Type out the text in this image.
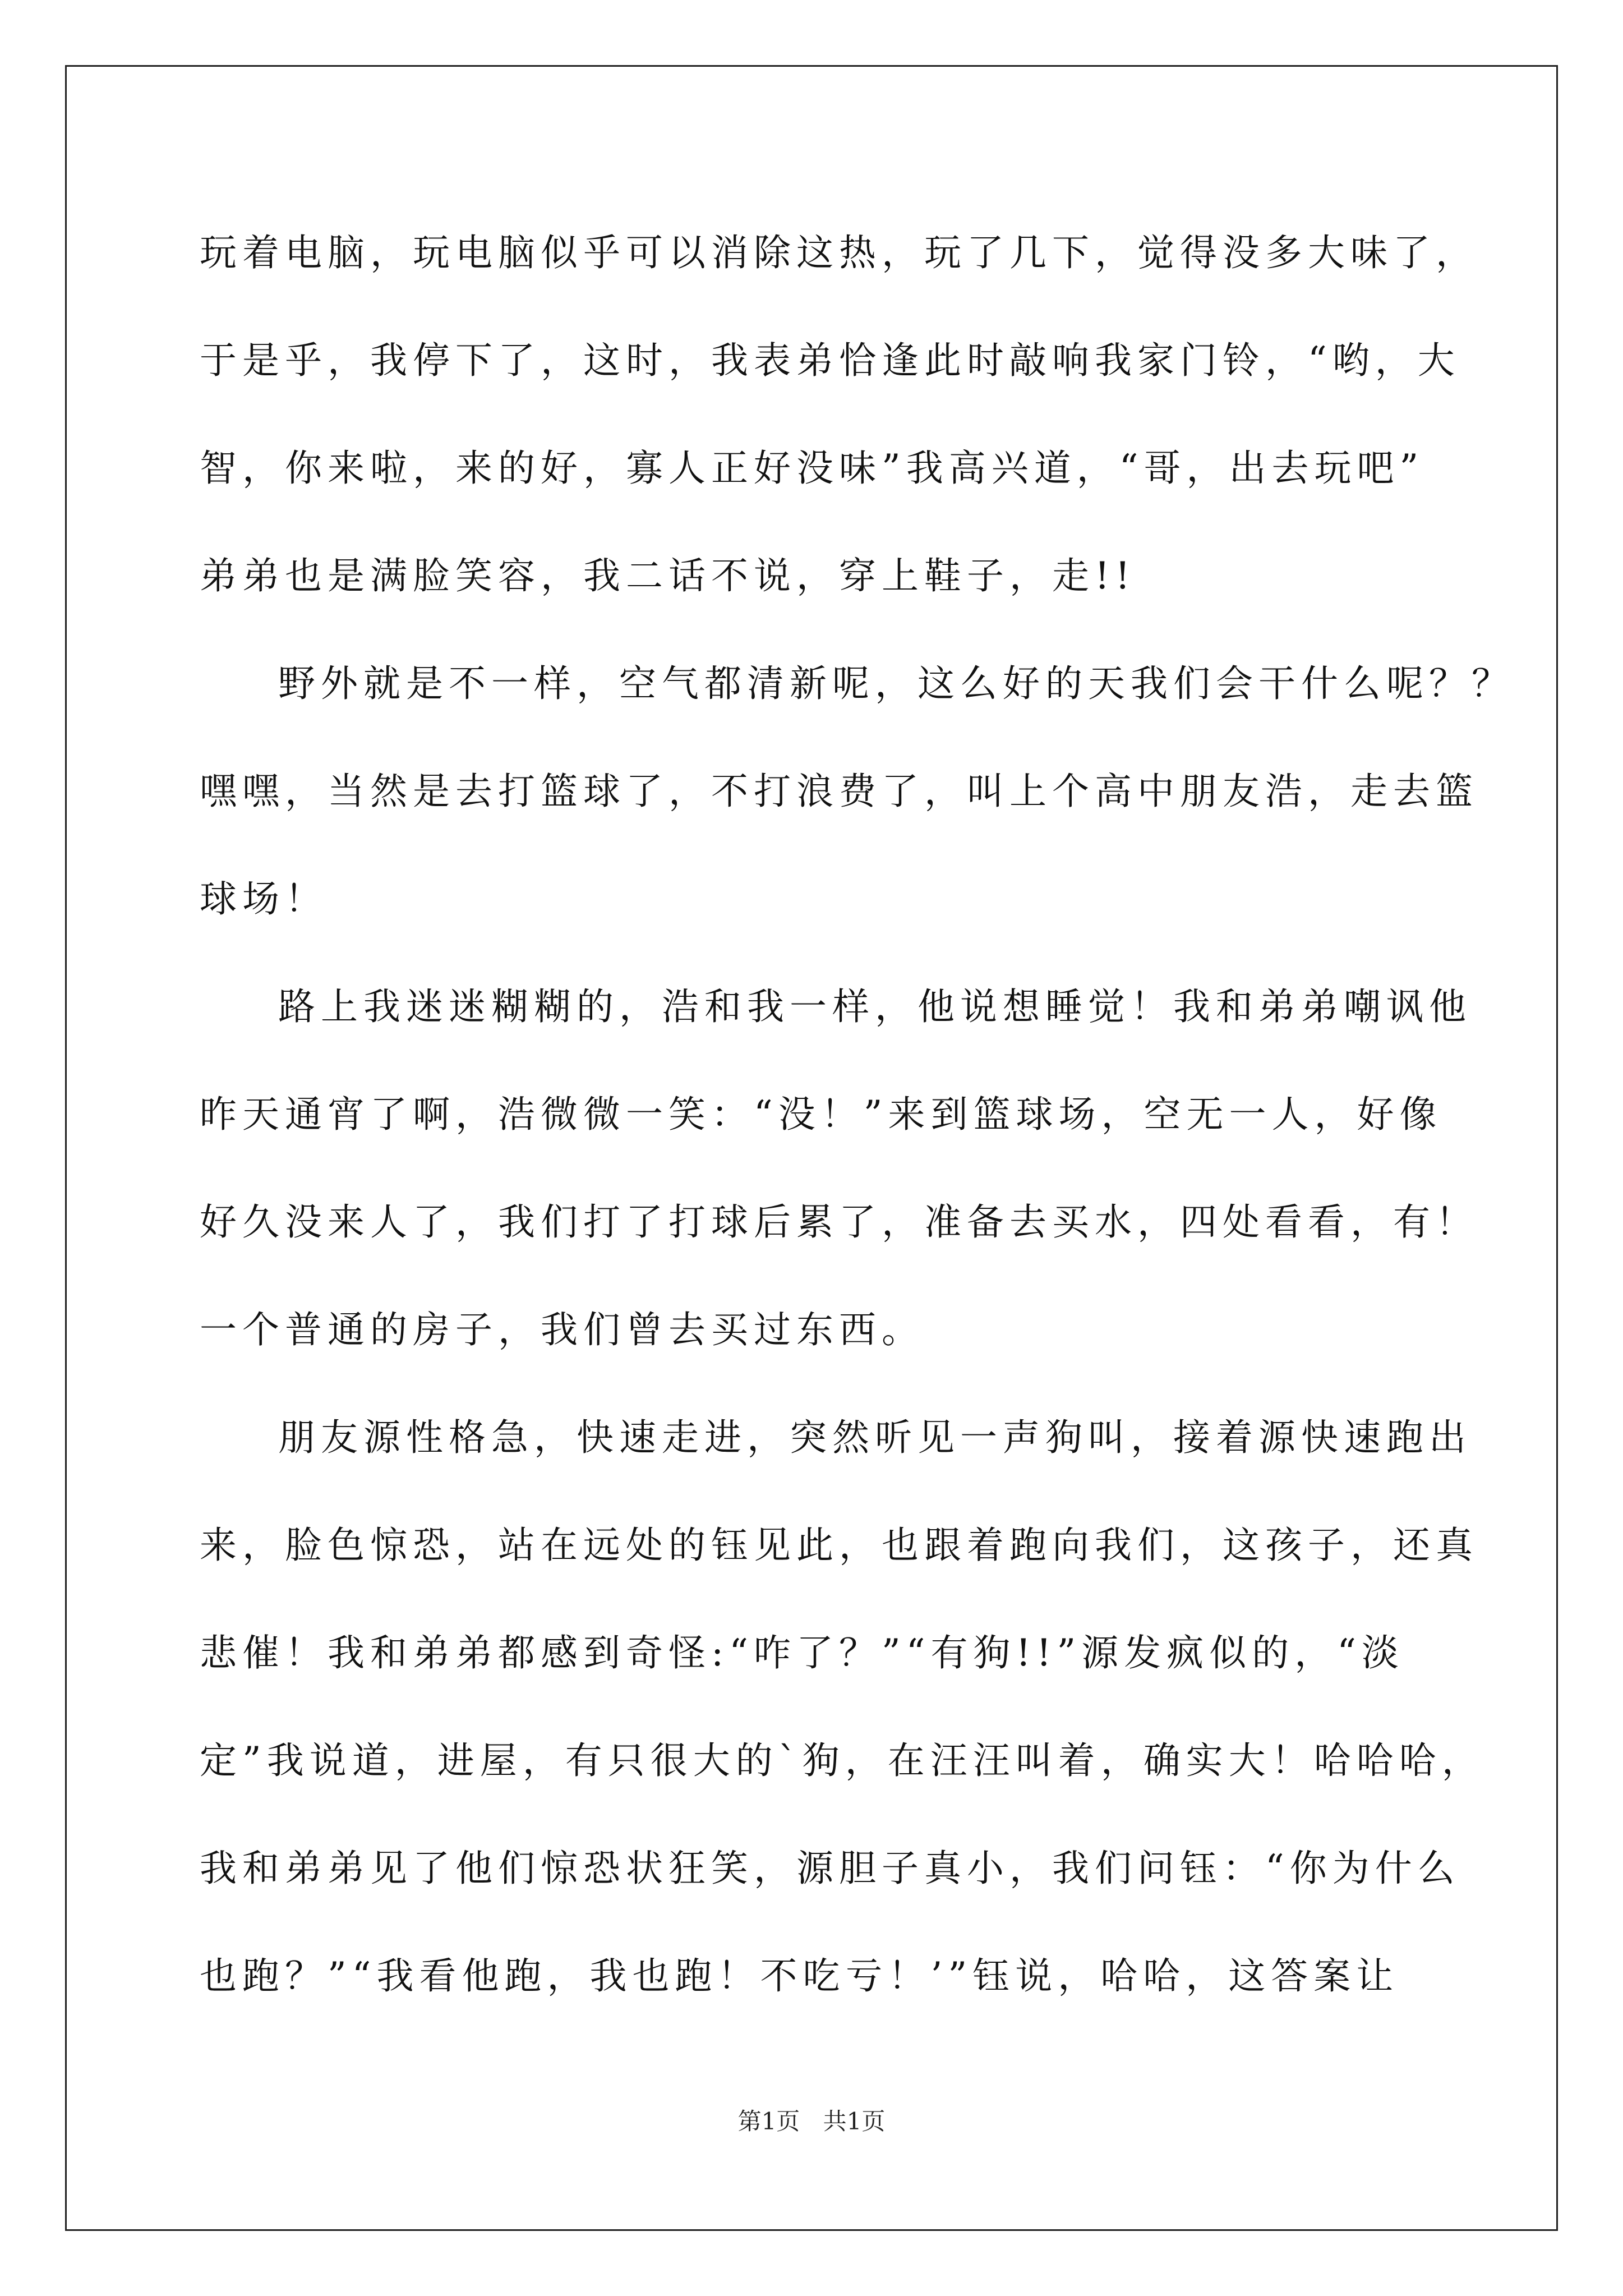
玩着电脑，玩电脑似乎可以消除这热，玩了几下，觉得没多大味了，
于是乎，我停下了，这时，我表弟恰逢此时敲响我家门铃，“哟，大
智，你来啦，来的好，寡人正好没味”我高兴道，“哥，出去玩吧”
弟弟也是满脸笑容，我二话不说，穿上鞋子，走!!
野外就是不一样，空气都清新呢，这么好的天我们会干什么呢？？
嘿嘿，当然是去打篮球了，不打浪费了，叫上个高中朋友浩，走去篮
球场！
路上我迷迷糊糊的，浩和我一样，他说想睡觉！我和弟弟嘲讽他
昨天通宵了啊，浩微微一笑：“没！”来到篮球场，空无一人，好像
好久没来人了，我们打了打球后累了，准备去买水，四处看看，有！
一个普通的房子，我们曾去买过东西。
朋友源性格急，快速走进，突然听见一声狗叫，接着源快速跑出
来，脸色惊恐，站在远处的钰见此，也跟着跑向我们，这孩子，还真
悲催！我和弟弟都感到奇怪:“咋了？”“有狗!!”源发疯似的，“淡
定”我说道，进屋，有只很大的`狗，在汪汪叫着，确实大！哈哈哈，
我和弟弟见了他们惊恐状狂笑，源胆子真小，我们问钰：“你为什么
也跑？”“我看他跑，我也跑！不吃亏！’”钰说，哈哈，这答案让
第1页 共1页
